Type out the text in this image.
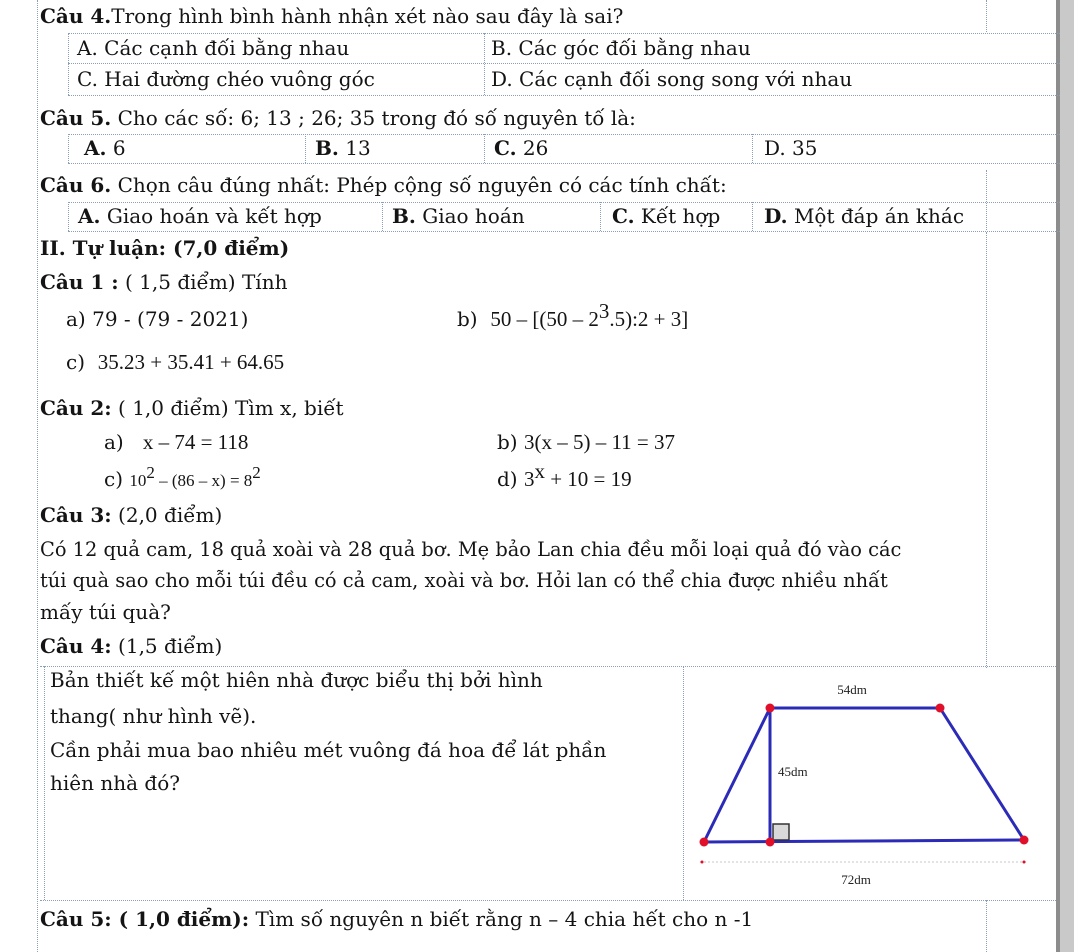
Câu 4.Trong hình bình hành nhận xét nào sau đây là sai?
A. Các cạnh đối bằng nhau	B. Các góc đối bằng nhau
C. Hai đường chéo vuông góc	D. Các cạnh đối song song với nhau
Câu 5. Cho các số: 6; 13 ; 26; 35 trong đó số nguyên tố là:
A. 6	B. 13	C. 26	D. 35
Câu 6. Chọn câu đúng nhất: Phép cộng số nguyên có các tính chất:
A. Giao hoán và kết hợp	B. Giao hoán	C. Kết hợp D. Một đáp án khác
II. Tự luận: (7,0 điểm)
Câu 1 : ( 1,5 điểm) Tính
a) 79 - (79 - 2021)	b) $50 - [(50 - 2^3.5):2 + 3]$
c) 35.23 + 35.41 + 64.65
Câu 2: ( 1,0 điểm) Tìm x, biết
a) x – 74 = 118	b) 3(x – 5) – 11 = 37
c) $10^2 - (86 - x) = 8^2$	d) $3^x + 10 = 19$
Câu 3: (2,0 điểm)
Có 12 quả cam, 18 quả xoài và 28 quả bơ. Mẹ bảo Lan chia đều mỗi loại quả đó vào các
túi quà sao cho mỗi túi đều có cả cam, xoài và bơ. Hỏi lan có thể chia được nhiều nhất
mấy túi quà?
Câu 4: (1,5 điểm)
Bản thiết kế một hiên nhà được biểu thị bởi hình
thang( như hình vẽ).
Cần phải mua bao nhiêu mét vuông đá hoa để lát phần
hiên nhà đó?
54dm
45dm
72dm
Câu 5: ( 1,0 điểm): Tìm số nguyên n biết rằng n – 4 chia hết cho n -1
